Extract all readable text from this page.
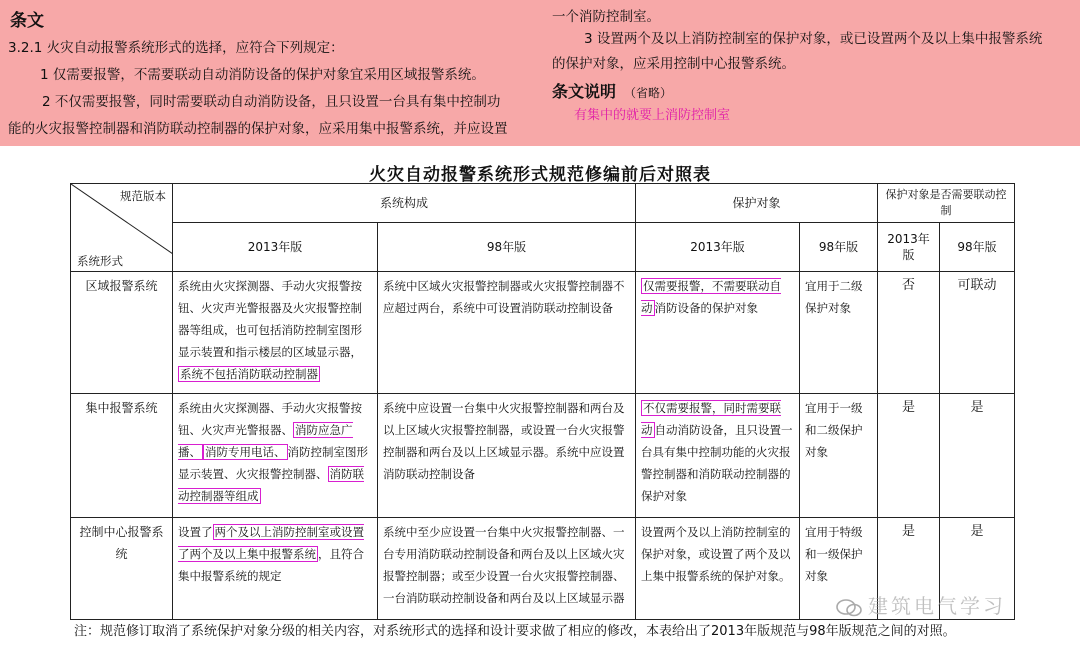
条文
3.2.1 火灾自动报警系统形式的选择，应符合下列规定：
1 仅需要报警，不需要联动自动消防设备的保护对象宜采用区域报警系统。
2 不仅需要报警，同时需要联动自动消防设备，且只设置一台具有集中控制功
能的火灾报警控制器和消防联动控制器的保护对象，应采用集中报警系统，并应设置
一个消防控制室。
3 设置两个及以上消防控制室的保护对象，或已设置两个及以上集中报警系统
的保护对象，应采用控制中心报警系统。
条文说明 （省略）
有集中的就要上消防控制室
火灾自动报警系统形式规范修编前后对照表
规范版本
系统形式	系统构成		保护对象		保护对象是否需要联动控制	
	2013年版	98年版	2013年版	98年版	2013年版	98年版
区域报警系统	系统由火灾探测器、手动火灾报警按钮、火灾声光警报器及火灾报警控制器等组成，也可包括消防控制室图形显示装置和指示楼层的区域显示器，系统不包括消防联动控制器	系统中区域火灾报警控制器或火灾报警控制器不应超过两台，系统中可设置消防联动控制设备	仅需要报警，不需要联动自动 消防设备的保护对象	宜用于二级保护对象	否	可联动
集中报警系统	系统由火灾探测器、手动火灾报警按钮、火灾声光警报器、 消防应急广播、 消防专用电话、 消防控制室图形显示装置、火灾报警控制器、 消防联动控制器等组成	系统中应设置一台集中火灾报警控制器和两台及以上区域火灾报警控制器，或设置一台火灾报警控制器和两台及以上区域显示器。系统中应设置消防联动控制设备	不仅需要报警，同时需要联动 自动消防设备，且只设置一台具有集中控制功能的火灾报警控制器和消防联动控制器的保护对象	宜用于一级和二级保护对象	是	是
控制中心报警系统	设置了 两个及以上消防控制室或设置了两个及以上集中报警系统 ，且符合集中报警系统的规定	系统中至少应设置一台集中火灾报警控制器、一台专用消防联动控制设备和两台及以上区域火灾报警控制器；或至少设置一台火灾报警控制器、一台消防联动控制设备和两台及以上区域显示器	设置两个及以上消防控制室的保护对象，或设置了两个及以上集中报警系统的保护对象。	宜用于特级和一级保护对象	是	是
建筑电气学习
注：规范修订取消了系统保护对象分级的相关内容，对系统形式的选择和设计要求做了相应的修改，本表给出了2013年版规范与98年版规范之间的对照。
